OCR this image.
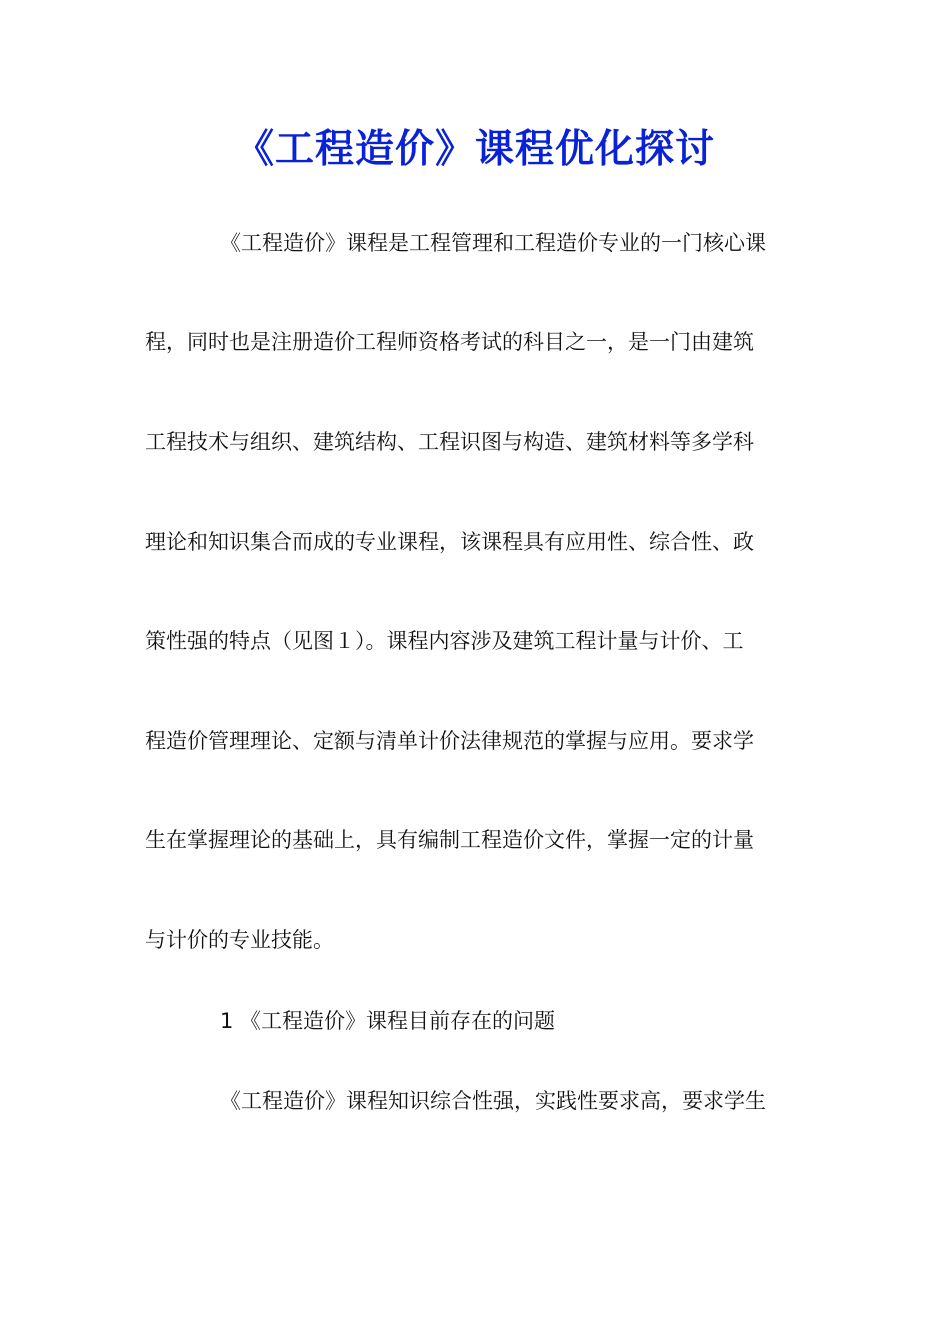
《工程造价》课程优化探讨

《工程造价》课程是工程管理和工程造价专业的一门核心课

程，同时也是注册造价工程师资格考试的科目之一，是一门由建筑

工程技术与组织、建筑结构、工程识图与构造、建筑材料等多学科

理论和知识集合而成的专业课程，该课程具有应用性、综合性、政

策性强的特点（见图１）。课程内容涉及建筑工程计量与计价、工

程造价管理理论、定额与清单计价法律规范的掌握与应用。要求学

生在掌握理论的基础上，具有编制工程造价文件，掌握一定的计量

与计价的专业技能。

1 《工程造价》课程目前存在的问题

《工程造价》课程知识综合性强，实践性要求高，要求学生
